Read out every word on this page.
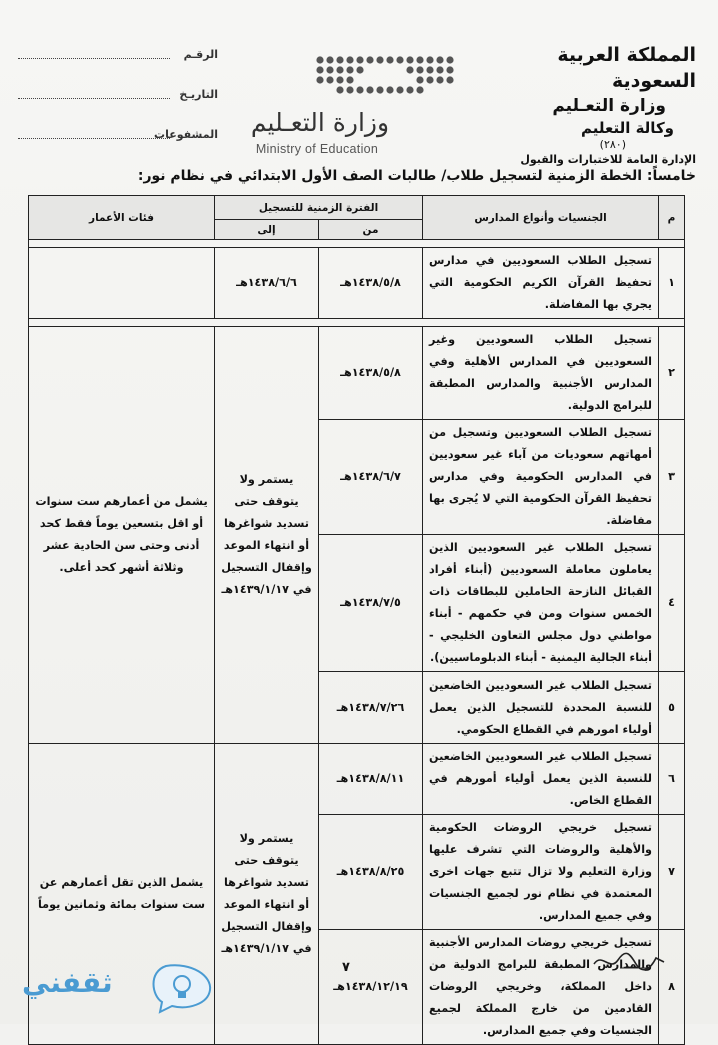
المملكة العربية السعودية
وزارة التعـليم
وكالة التعليم
(٢٨٠)
الإدارة العامة للاختبارات والقبول
وزارة التعـليم
Ministry of Education
الرقـم
التاريـخ
المشفوعات
خامساً: الخطة الزمنية لتسجيل طلاب/ طالبات الصف الأول الابتدائي في نظام نور:
م	الجنسيات وأنواع المدارس	الفترة الزمنية للتسجيل		فئات الأعمار
		من	إلى	

١	تسجيل الطلاب السعوديين في مدارس تحفيظ القرآن الكريم الحكومية التي يجري بها المفاضلة.	١٤٣٨/٥/٨هـ	١٤٣٨/٦/٦هـ	

٢	تسجيل الطلاب السعوديين وغير السعوديين في المدارس الأهلية وفي المدارس الأجنبية والمدارس المطبقة للبرامج الدولية.	١٤٣٨/٥/٨هـ	يستمر ولا يتوقف حتى تسديد شواغرها أو انتهاء الموعد وإقفال التسجيل في ١٤٣٩/١/١٧هـ	يشمل من أعمارهم ست سنوات أو اقل بتسعين يوماً فقط كحد أدنى وحتى سن الحادية عشر وثلاثة أشهر كحد أعلى.
٣	تسجيل الطلاب السعوديين وتسجيل من أمهاتهم سعوديات من آباء غير سعوديين في المدارس الحكومية وفي مدارس تحفيظ القرآن الحكومية التي لا يُجرى بها مفاضلة.	١٤٣٨/٦/٧هـ		
٤	تسجيل الطلاب غير السعوديين الذين يعاملون معاملة السعوديين (أبناء أفراد القبائل النازحة الحاملين للبطاقات ذات الخمس سنوات ومن في حكمهم - أبناء مواطني دول مجلس التعاون الخليجي - أبناء الجالية اليمنية - أبناء الدبلوماسيين).	١٤٣٨/٧/٥هـ		
٥	تسجيل الطلاب غير السعوديين الخاضعين للنسبة المحددة للتسجيل الذين يعمل أولياء امورهم في القطاع الحكومي.	١٤٣٨/٧/٢٦هـ		
٦	تسجيل الطلاب غير السعوديين الخاضعين للنسبة الذين يعمل أولياء أمورهم في القطاع الخاص.	١٤٣٨/٨/١١هـ	يستمر ولا يتوقف حتى تسديد شواغرها أو انتهاء الموعد وإقفال التسجيل في ١٤٣٩/١/١٧هـ	يشمل الذين تقل أعمارهم عن ست سنوات بمائة وثمانين يوماً
٧	تسجيل خريجي الروضات الحكومية والأهلية والروضات التي تشرف عليها وزارة التعليم ولا تزال تتبع جهات اخرى المعتمدة في نظام نور لجميع الجنسيات وفي جميع المدارس.	١٤٣٨/٨/٢٥هـ		
٨	تسجيل خريجي روضات المدارس الأجنبية والمدارس المطبقة للبرامج الدولية من داخل المملكة، وخريجي الروضات القادمين من خارج المملكة لجميع الجنسيات وفي جميع المدارس.	١٤٣٨/١٢/١٩هـ		
٧
ثقفني
